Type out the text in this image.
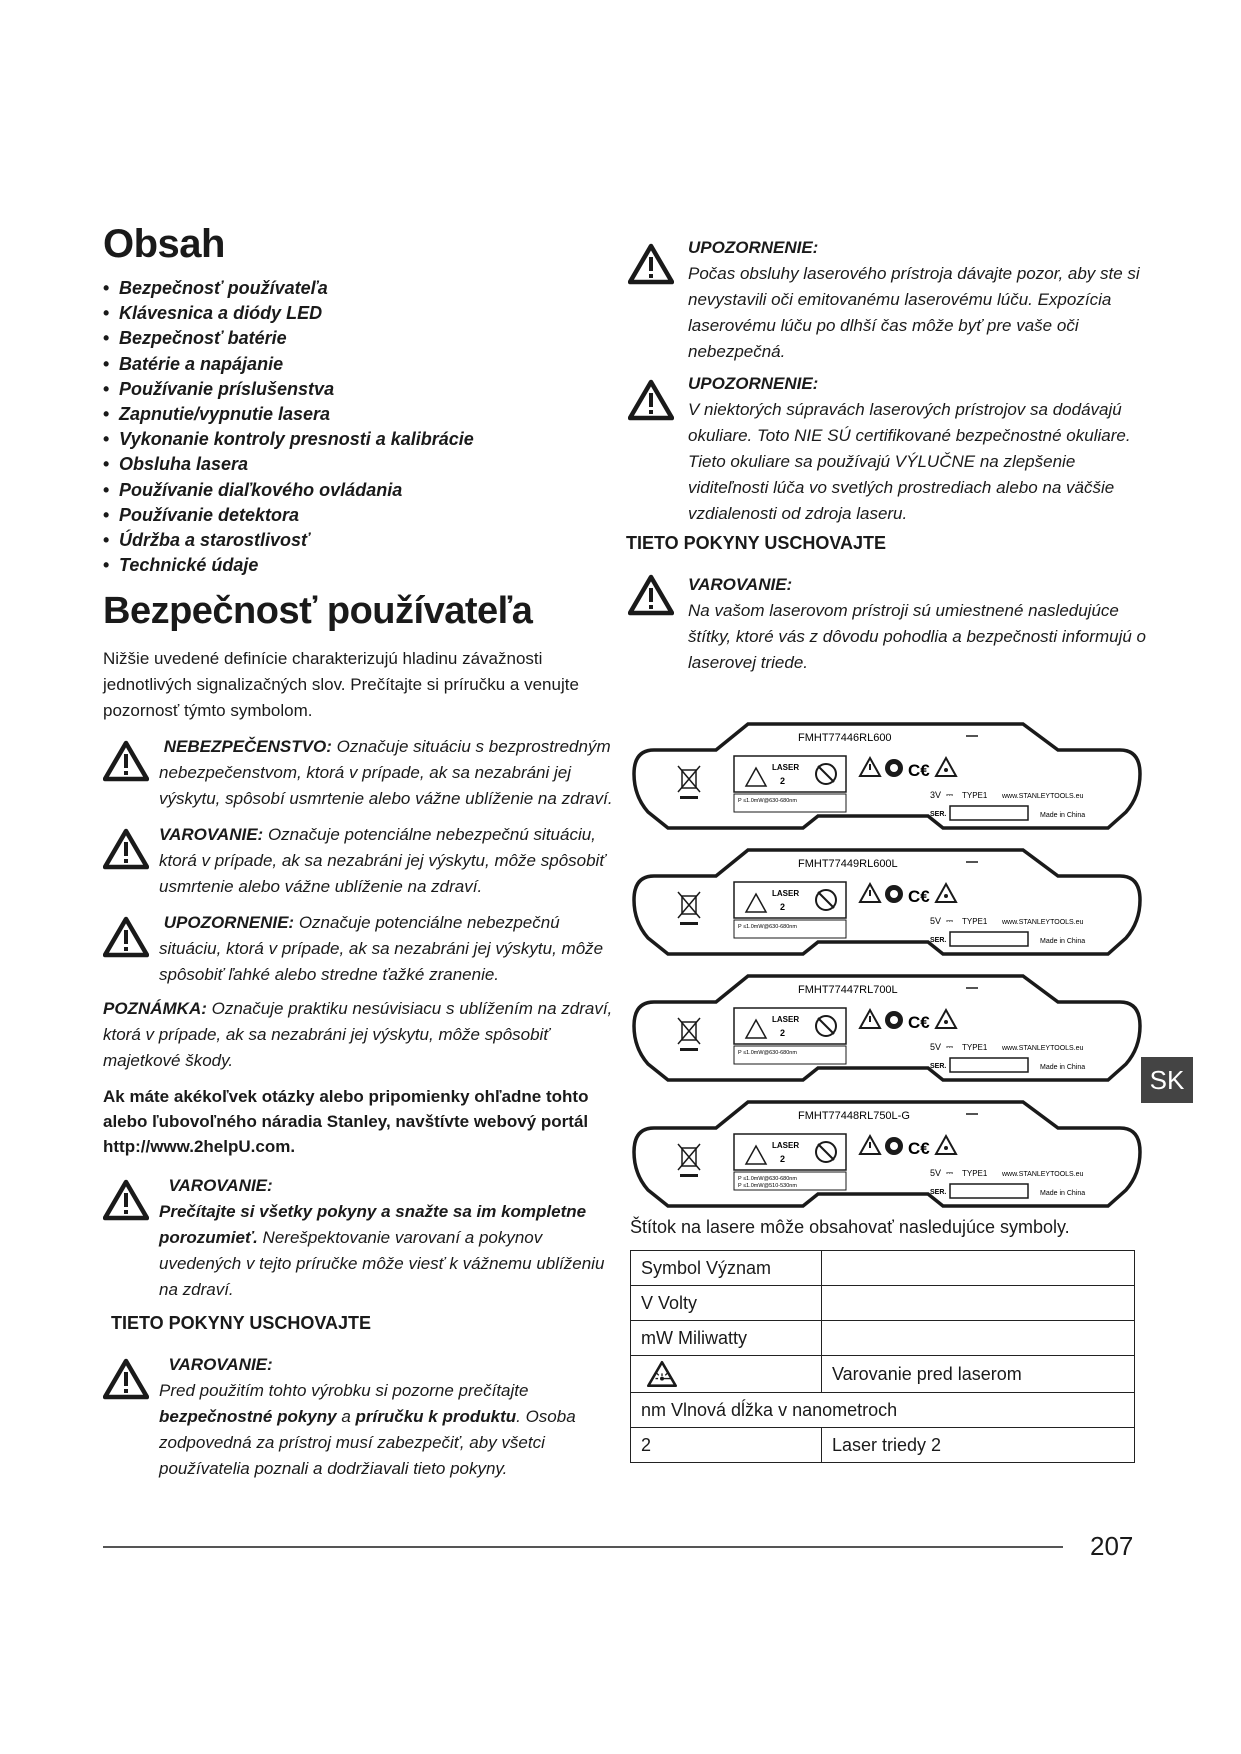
Obsah
• Bezpečnosť používateľa
• Klávesnica a diódy LED
• Bezpečnosť batérie
• Batérie a napájanie
• Používanie príslušenstva
• Zapnutie/vypnutie lasera
• Vykonanie kontroly presnosti a kalibrácie
• Obsluha lasera
• Používanie diaľkového ovládania
• Používanie detektora
• Údržba a starostlivosť
• Technické údaje
Bezpečnosť používateľa

Nižšie uvedené definície charakterizujú hladinu závažnosti jednotlivých signalizačných slov. Prečítajte si príručku a venujte pozornosť týmto symbolom.

NEBEZPEČENSTVO: Označuje situáciu s bezprostredným nebezpečenstvom, ktorá v prípade, ak sa nezabráni jej výskytu, spôsobí usmrtenie alebo vážne ublíženie na zdraví.

VAROVANIE: Označuje potenciálne nebezpečnú situáciu, ktorá v prípade, ak sa nezabráni jej výskytu, môže spôsobiť usmrtenie alebo vážne ublíženie na zdraví.

UPOZORNENIE: Označuje potenciálne nebezpečnú situáciu, ktorá v prípade, ak sa nezabráni jej výskytu, môže spôsobiť ľahké alebo stredne ťažké zranenie.

POZNÁMKA: Označuje praktiku nesúvisiacu s ublížením na zdraví, ktorá v prípade, ak sa nezabráni jej výskytu, môže spôsobiť majetkové škody.

Ak máte akékoľvek otázky alebo pripomienky ohľadne tohto alebo ľubovoľného náradia Stanley, navštívte webový portál http://www.2helpU.com.

VAROVANIE:
Prečítajte si všetky pokyny a snažte sa im kompletne porozumieť. Nerešpektovanie varovaní a pokynov uvedených v tejto príručke môže viesť k vážnemu ublíženiu na zdraví.

TIETO POKYNY USCHOVAJTE

VAROVANIE:
Pred použitím tohto výrobku si pozorne prečítajte
bezpečnostné pokyny a príručku k produktu. Osoba zodpovedná za prístroj musí zabezpečiť, aby všetci používatelia poznali a dodržiavali tieto pokyny.

UPOZORNENIE:
Počas obsluhy laserového prístroja dávajte pozor, aby ste si nevystavili oči emitovanému laserovému lúču. Expozícia laserovému lúču po dlhší čas môže byť pre vaše oči nebezpečná.

UPOZORNENIE:
V niektorých súpravách laserových prístrojov sa dodávajú okuliare. Toto NIE SÚ certifikované bezpečnostné okuliare. Tieto okuliare sa používajú VÝLUČNE na zlepšenie viditeľnosti lúča vo svetlých prostrediach alebo na väčšie vzdialenosti od zdroja laseru.

TIETO POKYNY USCHOVAJTE

VAROVANIE:
Na vašom laserovom prístroji sú umiestnené nasledujúce štítky, ktoré vás z dôvodu pohodlia a bezpečnosti informujú o laserovej triede.

FMHT77446RL600
LASER
2
P ≤1.0mW@630-680nm
C€
3V ⎓ TYPE1 www.STANLEYTOOLS.eu
SER.	Made in China
FMHT77449RL600L
LASER
2
P ≤1.0mW@630-680nm
C€
5V ⎓ TYPE1 www.STANLEYTOOLS.eu
SER.	Made in China
FMHT77447RL700L
LASER
2
P ≤1.0mW@630-680nm
C€
5V ⎓ TYPE1 www.STANLEYTOOLS.eu
SER.	Made in China
FMHT77448RL750L-G
LASER
2
P ≤1.0mW@630-680nm
P ≤1.0mW@510-530nm
C€
5V ⎓ TYPE1 www.STANLEYTOOLS.eu
SER.	Made in China

Štítok na lasere môže obsahovať nasledujúce symboly.

Symbol Význam	
V Volty	
mW Miliwatty	

	Varovanie pred laserom
nm Vlnová dĺžka v nanometroch	
2	Laser triedy 2
SK
207
